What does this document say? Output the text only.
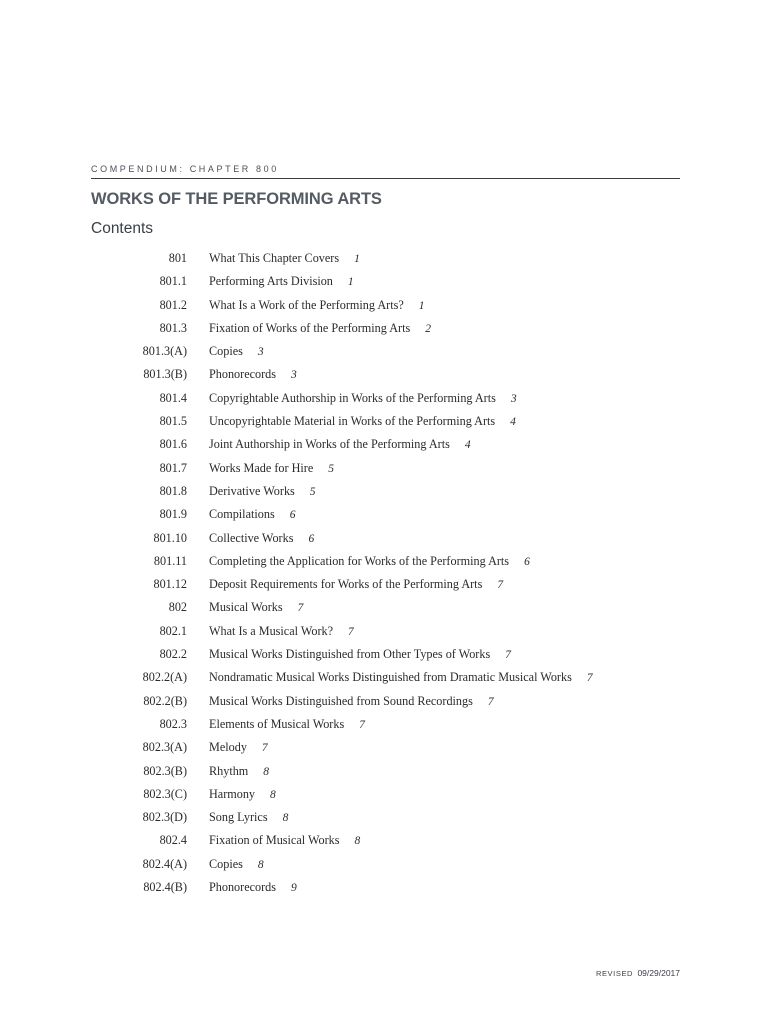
COMPENDIUM: CHAPTER 800
WORKS OF THE PERFORMING ARTS
Contents
801 What This Chapter Covers 1
801.1 Performing Arts Division 1
801.2 What Is a Work of the Performing Arts? 1
801.3 Fixation of Works of the Performing Arts 2
801.3(A) Copies 3
801.3(B) Phonorecords 3
801.4 Copyrightable Authorship in Works of the Performing Arts 3
801.5 Uncopyrightable Material in Works of the Performing Arts 4
801.6 Joint Authorship in Works of the Performing Arts 4
801.7 Works Made for Hire 5
801.8 Derivative Works 5
801.9 Compilations 6
801.10 Collective Works 6
801.11 Completing the Application for Works of the Performing Arts 6
801.12 Deposit Requirements for Works of the Performing Arts 7
802 Musical Works 7
802.1 What Is a Musical Work? 7
802.2 Musical Works Distinguished from Other Types of Works 7
802.2(A) Nondramatic Musical Works Distinguished from Dramatic Musical Works 7
802.2(B) Musical Works Distinguished from Sound Recordings 7
802.3 Elements of Musical Works 7
802.3(A) Melody 7
802.3(B) Rhythm 8
802.3(C) Harmony 8
802.3(D) Song Lyrics 8
802.4 Fixation of Musical Works 8
802.4(A) Copies 8
802.4(B) Phonorecords 9
REVISED 09/29/2017
